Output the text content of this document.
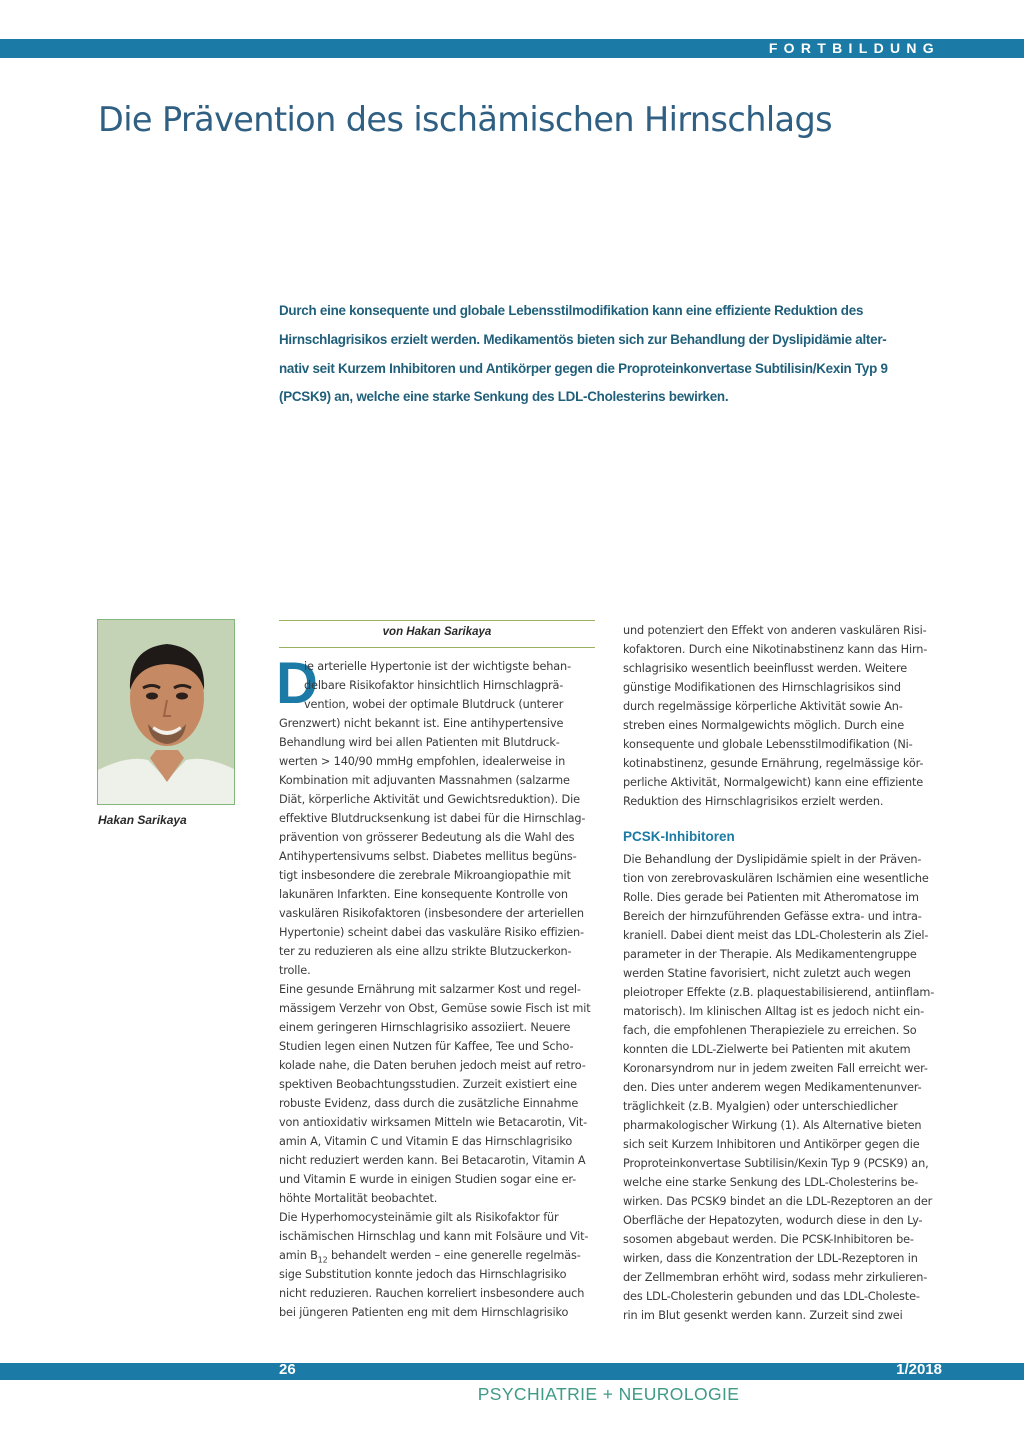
FORTBILDUNG
Die Prävention des ischämischen Hirnschlags
Durch eine konsequente und globale Lebensstilmodifikation kann eine effiziente Reduktion des
Hirnschlagrisikos erzielt werden. Medikamentös bieten sich zur Behandlung der Dyslipidämie alter-
nativ seit Kurzem Inhibitoren und Antikörper gegen die Proproteinkonvertase Subtilisin/Kexin Typ 9
(PCSK9) an, welche eine starke Senkung des LDL-Cholesterins bewirken.
Hakan Sarikaya
von Hakan Sarikaya
D
ie arterielle Hypertonie ist der wichtigste behan-
delbare Risikofaktor hinsichtlich Hirnschlagprä-
vention, wobei der optimale Blutdruck (unterer
Grenzwert) nicht bekannt ist. Eine antihypertensive
Behandlung wird bei allen Patienten mit Blutdruck-
werten > 140/90 mmHg empfohlen, idealerweise in
Kombination mit adjuvanten Massnahmen (salzarme
Diät, körperliche Aktivität und Gewichtsreduktion). Die
effektive Blutdrucksenkung ist dabei für die Hirnschlag-
prävention von grösserer Bedeutung als die Wahl des
Antihypertensivums selbst. Diabetes mellitus begüns-
tigt insbesondere die zerebrale Mikroangiopathie mit
lakunären Infarkten. Eine konsequente Kontrolle von
vaskulären Risikofaktoren (insbesondere der arteriellen
Hypertonie) scheint dabei das vaskuläre Risiko effizien-
ter zu reduzieren als eine allzu strikte Blutzuckerkon-
trolle.
Eine gesunde Ernährung mit salzarmer Kost und regel-
mässigem Verzehr von Obst, Gemüse sowie Fisch ist mit
einem geringeren Hirnschlagrisiko assoziiert. Neuere
Studien legen einen Nutzen für Kaffee, Tee und Scho-
kolade nahe, die Daten beruhen jedoch meist auf retro-
spektiven Beobachtungsstudien. Zurzeit existiert eine
robuste Evidenz, dass durch die zusätzliche Einnahme
von antioxidativ wirksamen Mitteln wie Betacarotin, Vit-
amin A, Vitamin C und Vitamin E das Hirnschlagrisiko
nicht reduziert werden kann. Bei Betacarotin, Vitamin A
und Vitamin E wurde in einigen Studien sogar eine er-
höhte Mortalität beobachtet.
Die Hyperhomocysteinämie gilt als Risikofaktor für
ischämischen Hirnschlag und kann mit Folsäure und Vit-
amin $B_{12}$ behandelt werden – eine generelle regelmäs-
sige Substitution konnte jedoch das Hirnschlagrisiko
nicht reduzieren. Rauchen korreliert insbesondere auch
bei jüngeren Patienten eng mit dem Hirnschlagrisiko
und potenziert den Effekt von anderen vaskulären Risi-
kofaktoren. Durch eine Nikotinabstinenz kann das Hirn-
schlagrisiko wesentlich beeinflusst werden. Weitere
günstige Modifikationen des Hirnschlagrisikos sind
durch regelmässige körperliche Aktivität sowie An-
streben eines Normalgewichts möglich. Durch eine
konsequente und globale Lebensstilmodifikation (Ni-
kotinabstinenz, gesunde Ernährung, regelmässige kör-
perliche Aktivität, Normalgewicht) kann eine effiziente
Reduktion des Hirnschlagrisikos erzielt werden.
PCSK-Inhibitoren
Die Behandlung der Dyslipidämie spielt in der Präven-
tion von zerebrovaskulären Ischämien eine wesentliche
Rolle. Dies gerade bei Patienten mit Atheromatose im
Bereich der hirnzuführenden Gefässe extra- und intra-
kraniell. Dabei dient meist das LDL-Cholesterin als Ziel-
parameter in der Therapie. Als Medikamentengruppe
werden Statine favorisiert, nicht zuletzt auch wegen
pleiotroper Effekte (z.B. plaquestabilisierend, antiinflam-
matorisch). Im klinischen Alltag ist es jedoch nicht ein-
fach, die empfohlenen Therapieziele zu erreichen. So
konnten die LDL-Zielwerte bei Patienten mit akutem
Koronarsyndrom nur in jedem zweiten Fall erreicht wer-
den. Dies unter anderem wegen Medikamentenunver-
träglichkeit (z.B. Myalgien) oder unterschiedlicher
pharmakologischer Wirkung (1). Als Alternative bieten
sich seit Kurzem Inhibitoren und Antikörper gegen die
Proproteinkonvertase Subtilisin/Kexin Typ 9 (PCSK9) an,
welche eine starke Senkung des LDL-Cholesterins be-
wirken. Das PCSK9 bindet an die LDL-Rezeptoren an der
Oberfläche der Hepatozyten, wodurch diese in den Ly-
sosomen abgebaut werden. Die PCSK-Inhibitoren be-
wirken, dass die Konzentration der LDL-Rezeptoren in
der Zellmembran erhöht wird, sodass mehr zirkulieren-
des LDL-Cholesterin gebunden und das LDL-Choleste-
rin im Blut gesenkt werden kann. Zurzeit sind zwei
26	1/2018
PSYCHIATRIE + NEUROLOGIE
